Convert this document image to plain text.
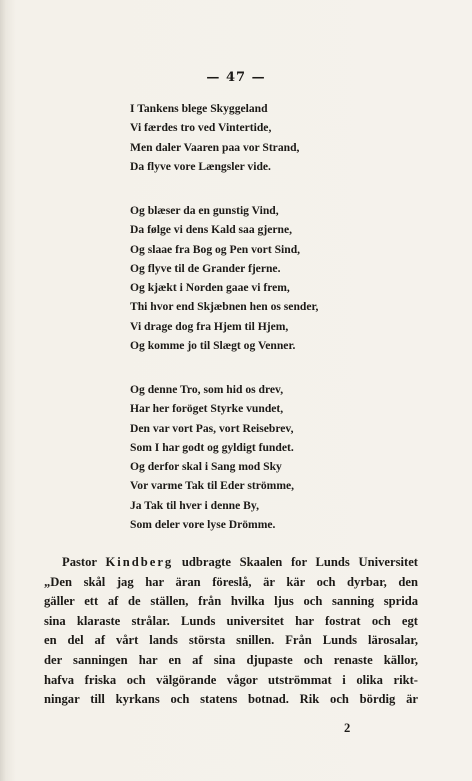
— 47 —
I Tankens blege Skyggeland
Vi færdes tro ved Vintertide,
Men daler Vaaren paa vor Strand,
Da flyve vore Længsler vide.
Og blæser da en gunstig Vind,
Da følge vi dens Kald saa gjerne,
Og slaae fra Bog og Pen vort Sind,
Og flyve til de Grander fjerne.
Og kjækt i Norden gaae vi frem,
Thi hvor end Skjæbnen hen os sender,
Vi drage dog fra Hjem til Hjem,
Og komme jo til Slægt og Venner.
Og denne Tro, som hid os drev,
Har her foröget Styrke vundet,
Den var vort Pas, vort Reisebrev,
Som I har godt og gyldigt fundet.
Og derfor skal i Sang mod Sky
Vor varme Tak til Eder strömme,
Ja Tak til hver i denne By,
Som deler vore lyse Drömme.
Pastor Kindberg udbragte Skaalen for Lunds Universitet
„Den skål jag har äran föreslå, är kär och dyrbar, den
gäller ett af de ställen, från hvilka ljus och sanning sprida
sina klaraste strålar. Lunds universitet har fostrat och egt
en del af vårt lands största snillen. Från Lunds lärosalar,
der sanningen har en af sina djupaste och renaste källor,
hafva friska och välgörande vågor utströmmat i olika rikt-
ningar till kyrkans och statens botnad. Rik och bördig är
2
